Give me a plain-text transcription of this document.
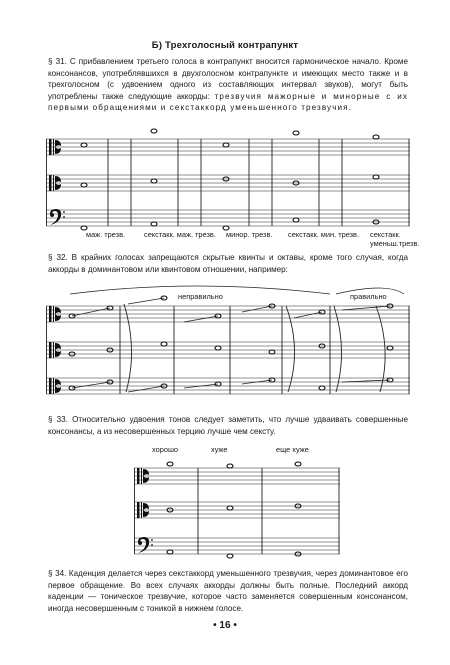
Б) Трехголосный контрапункт

§ 31. С прибавлением третьего голоса в контрапункт вносится гармоническое начало. Кроме консонансов, употреблявшихся в двухголосном контрапункте и имеющих место также и в трехголосном (с удвоением одного из составляющих интервал звуков), могут быть употреблены также следующие аккорды: трезвучия мажорные и минорные с их первыми обращениями и секстаккорд уменьшенного трезвучия.

маж. трезв.	секстакк. маж. трезв. минор. трезв. секстакк. мин. трезв. секстакк. уменьш.трезв.

§ 32. В крайних голосах запрещаются скрытые квинты и октавы, кроме того случая, когда аккорды в доминантовом или квинтовом отношении, например:

неправильно	правильно

§ 33. Относительно удвоения тонов следует заметить, что лучше удваивать совершенные консонансы, а из несовершенных терцию лучше чем сексту.

хорошо	хуже	еще хуже

§ 34. Каденция делается через секстаккорд уменьшенного трезвучия, через доминантовое его первое обращение. Во всех случаях аккорды должны быть полные. Последний аккорд каденции — тоническое трезвучие, которое часто заменяется совершенным консонансом, иногда несовершенным с тоникой в нижнем голосе.

• 16 •
